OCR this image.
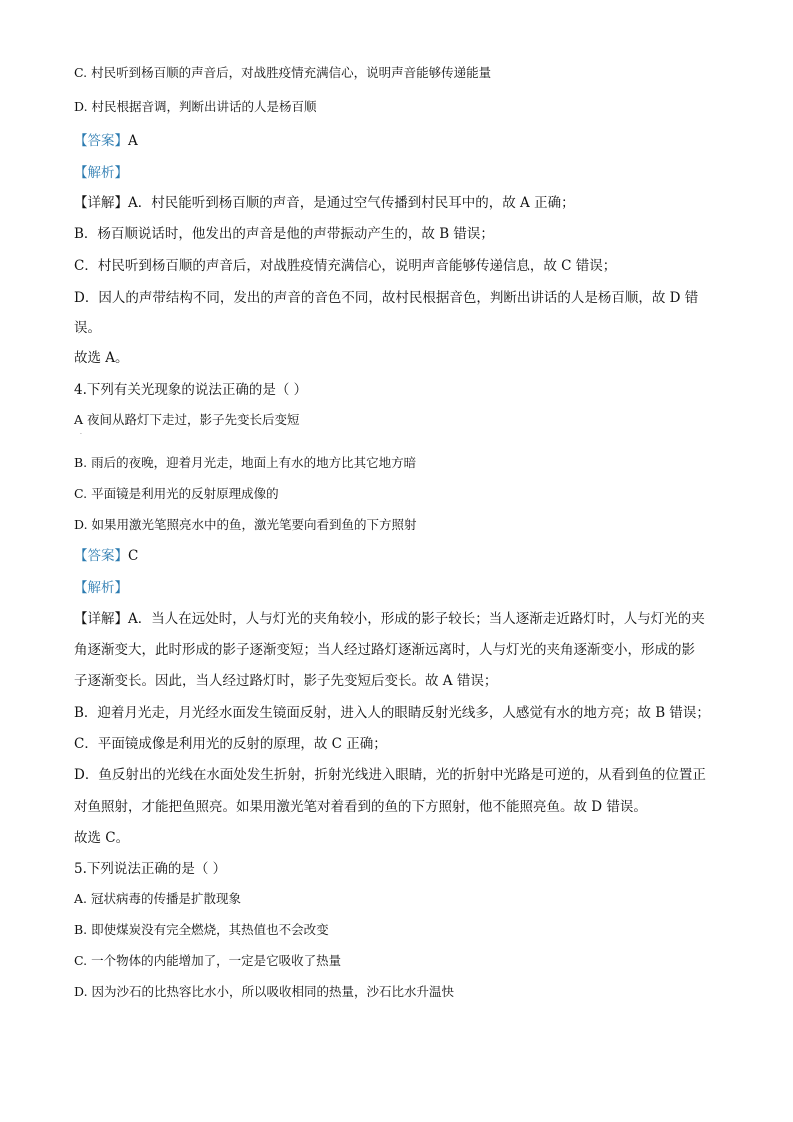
C. 村民听到杨百顺的声音后，对战胜疫情充满信心，说明声音能够传递能量
D. 村民根据音调，判断出讲话的人是杨百顺
【答案】A
【解析】
【详解】A．村民能听到杨百顺的声音，是通过空气传播到村民耳中的，故 A 正确；
B．杨百顺说话时，他发出的声音是他的声带振动产生的，故 B 错误；
C．村民听到杨百顺的声音后，对战胜疫情充满信心，说明声音能够传递信息，故 C 错误；
D．因人的声带结构不同，发出的声音的音色不同，故村民根据音色，判断出讲话的人是杨百顺，故 D 错
误。
故选 A。
4.下列有关光现象的说法正确的是（ ）
A 夜间从路灯下走过，影子先变长后变短
B. 雨后的夜晚，迎着月光走，地面上有水的地方比其它地方暗
C. 平面镜是利用光的反射原理成像的
D. 如果用激光笔照亮水中的鱼，激光笔要向看到鱼的下方照射
【答案】C
【解析】
【详解】A．当人在远处时，人与灯光的夹角较小，形成的影子较长；当人逐渐走近路灯时，人与灯光的夹
角逐渐变大，此时形成的影子逐渐变短；当人经过路灯逐渐远离时，人与灯光的夹角逐渐变小，形成的影
子逐渐变长。因此，当人经过路灯时，影子先变短后变长。故 A 错误；
B．迎着月光走，月光经水面发生镜面反射，进入人的眼睛反射光线多，人感觉有水的地方亮；故 B 错误；
C．平面镜成像是利用光的反射的原理，故 C 正确；
D．鱼反射出的光线在水面处发生折射，折射光线进入眼睛，光的折射中光路是可逆的，从看到鱼的位置正
对鱼照射，才能把鱼照亮。如果用激光笔对着看到的鱼的下方照射，他不能照亮鱼。故 D 错误。
故选 C。
5.下列说法正确的是（ ）
A. 冠状病毒的传播是扩散现象
B. 即使煤炭没有完全燃烧，其热值也不会改变
C. 一个物体的内能增加了，一定是它吸收了热量
D. 因为沙石的比热容比水小，所以吸收相同的热量，沙石比水升温快
·
